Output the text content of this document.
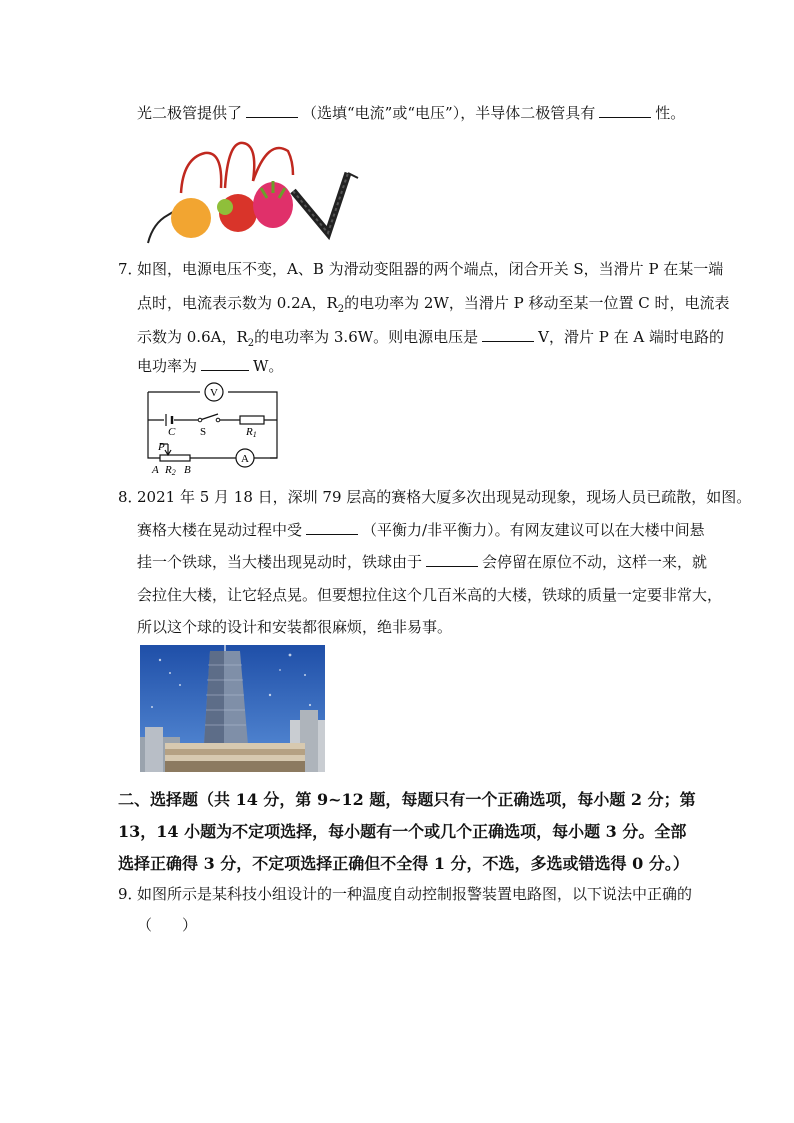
光二极管提供了	（选填“电流”或“电压”），半导体二极管具有	性。
7．
如图，电源电压不变，A、B 为滑动变阻器的两个端点，闭合开关 S，当滑片 P 在某一端
点时，电流表示数为 0.2A，$R_2$的电功率为 2W，当滑片 P 移动至某一位置 C 时，电流表
示数为 0.6A，$R_2$的电功率为 3.6W。则电源电压是	V，滑片 P 在 A 端时电路的
电功率为	W。
V
C S	R1
P
A
A R2 B
8．
2021 年 5 月 18 日，深圳 79 层高的赛格大厦多次出现晃动现象，现场人员已疏散，如图。
赛格大楼在晃动过程中受	（平衡力/非平衡力）。有网友建议可以在大楼中间悬
挂一个铁球，当大楼出现晃动时，铁球由于	会停留在原位不动，这样一来，就
会拉住大楼，让它轻点晃。但要想拉住这个几百米高的大楼，铁球的质量一定要非常大，
所以这个球的设计和安装都很麻烦，绝非易事。
二、选择题（共 14 分，第 9~12 题，每题只有一个正确选项，每小题 2 分；第
13，14 小题为不定项选择，每小题有一个或几个正确选项，每小题 3 分。全部
选择正确得 3 分，不定项选择正确但不全得 1 分，不选，多选或错选得 0 分。）
9．
如图所示是某科技小组设计的一种温度自动控制报警装置电路图，以下说法中正确的
（　　）
